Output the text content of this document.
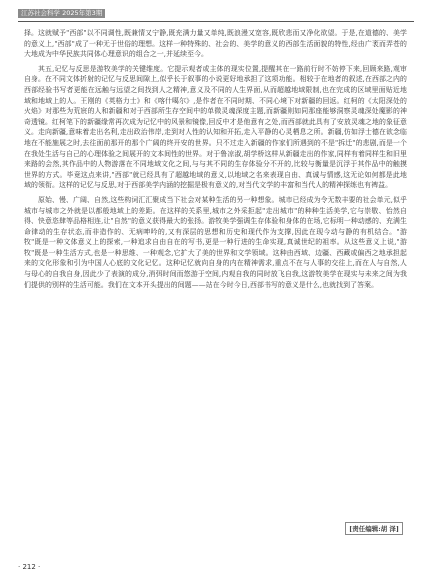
江苏社会科学 2025年第3期

择。这就赋予"西部"以不同调性,既兼情又宁静,既充满力量又单纯,既浪漫又宽容,既欣悲而又净化欲望。于是,在道德的、美学的意义上,"西部"成了一种无于世俗的理想。这样一种特殊的、社会的、美学的意义的西部生活面貌的特性,经由广袤而弄苍的大地成为中华民族共同体心理意识的组合之一,并延续至今。

其五,记忆与反思是游牧美学的关键维度。它提示观者或主体的现实位置,提醒其在一路前行时不妨停下来,回顾来路,观审自身。在不同文体折射的记忆与反思间隙上,似乎长于叙事的小说更好地承担了这项功能。相较于在地者的叙述,在西部之内的西部经验书写者更能在远触与远望之间找到人之精神,意义及不同的人生界面,从而超越地域限制,也在完成的区域里面贴近地域和地域上的人。王刚的《英格力士》和《喀什噶尔》,是作者在不同时期、不同心境下对新疆的回返。红柯的《太阳深处的火焰》对那些为荒宸的人和新疆和对于西部所生存空间中的单微灵魂深度主题,而新疆则如同那座能够洞察灵魂深处魔影的神奇透镜。红柯笔下的新疆缘常再次成为记忆中的风景和镜像,回反中才是他意有之处,而西部就此具有了安放灵魂之地的象征意义。走向新疆,意味着走出名利,走出政治伟岸,走到对人性的认知和开拓,走入平静的心灵栖息之所。新疆,仿如浮士德在欲念临地在不能施展之时,去往面前那开的那个广阔的终开安的世界。只不过走入新疆的作家们所遇到的不是"拆迁"的悲剧,而是一个在我处生活与自己的心理体验之间展开的文本间性的世界。对于鲁凉淑,胡学桥这样从新疆走出的作家,同样有着同样生和旧里来路的会然,其作品中的人物游落在不同地域文化之间,与与其不同的生存体验分不开的,比较与衡量是沉浮于其作品中的触摸世界的方式。毕竟这点来讲,"西部"就已经具有了超越地域的意义,以地域之名来表现自由、真诚与情感,这无论如何都是此地域的领衔。这样的记忆与反思,对于西部美学内涵的挖掘是极有意义的,对当代文学的丰富和当代人的精神探练也有裨益。

原始、慢、广阔、自然,这些构词汇汇聚成当下社会对某种生活的另一种想象。城市已经成为令无数丰要的社会单元,似乎城市与城市之外就是以都般地域上的差距。在这样的关系里,城市之外采拒起"走出城市"的种种生活美学,它与崇敬、怡然自得、快意恣肆等品格相连,让"自然"的意义获得最大的张扬。游牧美学强调生存体验和身体的在场,它标明一种动感的、充满生命律动的生存状态,而非造作的、无病呻吟的,又有深层的思想和历史和现代作为支撑,因此在现今动与静的有机结合。"游牧"既是一种文体意义上的探索,一种追求自由自在的写书,更是一种行进的生命实现,真诚世纪的祖率。从这些意义上说,"游牧"既是一种生活方式,也是一种思维、一种观念,它扩大了美的世界和文学领域。这种由西域、边疆、西藏或偏西之地承担起来的文化形象和引为中国人心底的文化记忆。这种记忆就向自身的内在精神需求,重点不在与人事的交往上,而在人与自然,人与母心的自我自身,因此少了表演的成分,消弭时间而悠游于空间,内观自我的同时放飞自我,这游牧美学在现实与未来之间为我们提供的别样的生活可能。我们在文本开头提出的间题——站在今时今日,西部书写的意义是什么,也就找到了答案。

[责任编辑:胡 泽]
· 212 ·
